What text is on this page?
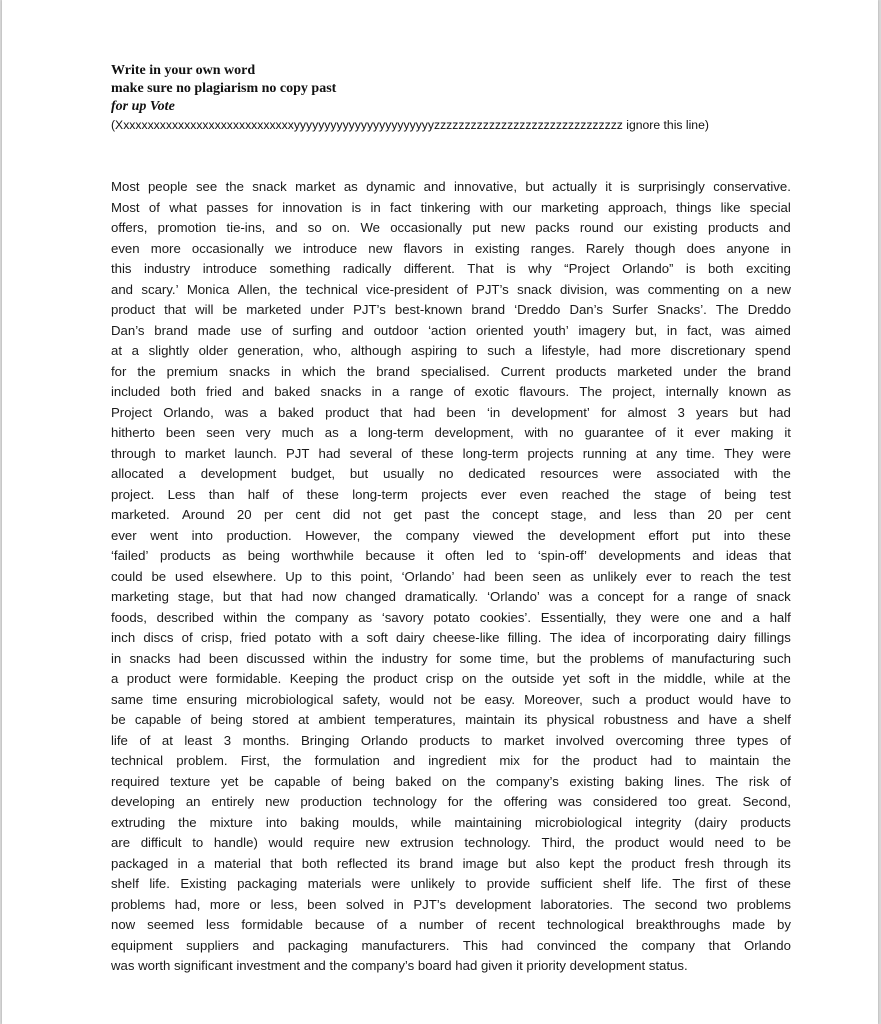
Write in your own word
make sure no plagiarism no copy past
for up Vote
(Xxxxxxxxxxxxxxxxxxxxxxxxxxxxxyyyyyyyyyyyyyyyyyyyyyyyzzzzzzzzzzzzzzzzzzzzzzzzzzzzzzz ignore this line)
Most people see the snack market as dynamic and innovative, but actually it is surprisingly conservative.
Most of what passes for innovation is in fact tinkering with our marketing approach, things like special
offers, promotion tie-ins, and so on. We occasionally put new packs round our existing products and
even more occasionally we introduce new flavors in existing ranges. Rarely though does anyone in
this industry introduce something radically different. That is why “Project Orlando” is both exciting
and scary.’ Monica Allen, the technical vice-president of PJT’s snack division, was commenting on a new
product that will be marketed under PJT’s best-known brand ‘Dreddo Dan’s Surfer Snacks’. The Dreddo
Dan’s brand made use of surfing and outdoor ‘action oriented youth’ imagery but, in fact, was aimed
at a slightly older generation, who, although aspiring to such a lifestyle, had more discretionary spend
for the premium snacks in which the brand specialised. Current products marketed under the brand
included both fried and baked snacks in a range of exotic flavours. The project, internally known as
Project Orlando, was a baked product that had been ‘in development’ for almost 3 years but had
hitherto been seen very much as a long-term development, with no guarantee of it ever making it
through to market launch. PJT had several of these long-term projects running at any time. They were
allocated a development budget, but usually no dedicated resources were associated with the
project. Less than half of these long-term projects ever even reached the stage of being test
marketed. Around 20 per cent did not get past the concept stage, and less than 20 per cent
ever went into production. However, the company viewed the development effort put into these
‘failed’ products as being worthwhile because it often led to ‘spin-off’ developments and ideas that
could be used elsewhere. Up to this point, ‘Orlando’ had been seen as unlikely ever to reach the test
marketing stage, but that had now changed dramatically. ‘Orlando’ was a concept for a range of snack
foods, described within the company as ‘savory potato cookies’. Essentially, they were one and a half
inch discs of crisp, fried potato with a soft dairy cheese-like filling. The idea of incorporating dairy fillings
in snacks had been discussed within the industry for some time, but the problems of manufacturing such
a product were formidable. Keeping the product crisp on the outside yet soft in the middle, while at the
same time ensuring microbiological safety, would not be easy. Moreover, such a product would have to
be capable of being stored at ambient temperatures, maintain its physical robustness and have a shelf
life of at least 3 months. Bringing Orlando products to market involved overcoming three types of
technical problem. First, the formulation and ingredient mix for the product had to maintain the
required texture yet be capable of being baked on the company’s existing baking lines. The risk of
developing an entirely new production technology for the offering was considered too great. Second,
extruding the mixture into baking moulds, while maintaining microbiological integrity (dairy products
are difficult to handle) would require new extrusion technology. Third, the product would need to be
packaged in a material that both reflected its brand image but also kept the product fresh through its
shelf life. Existing packaging materials were unlikely to provide sufficient shelf life. The first of these
problems had, more or less, been solved in PJT’s development laboratories. The second two problems
now seemed less formidable because of a number of recent technological breakthroughs made by
equipment suppliers and packaging manufacturers. This had convinced the company that Orlando
was worth significant investment and the company’s board had given it priority development status.
